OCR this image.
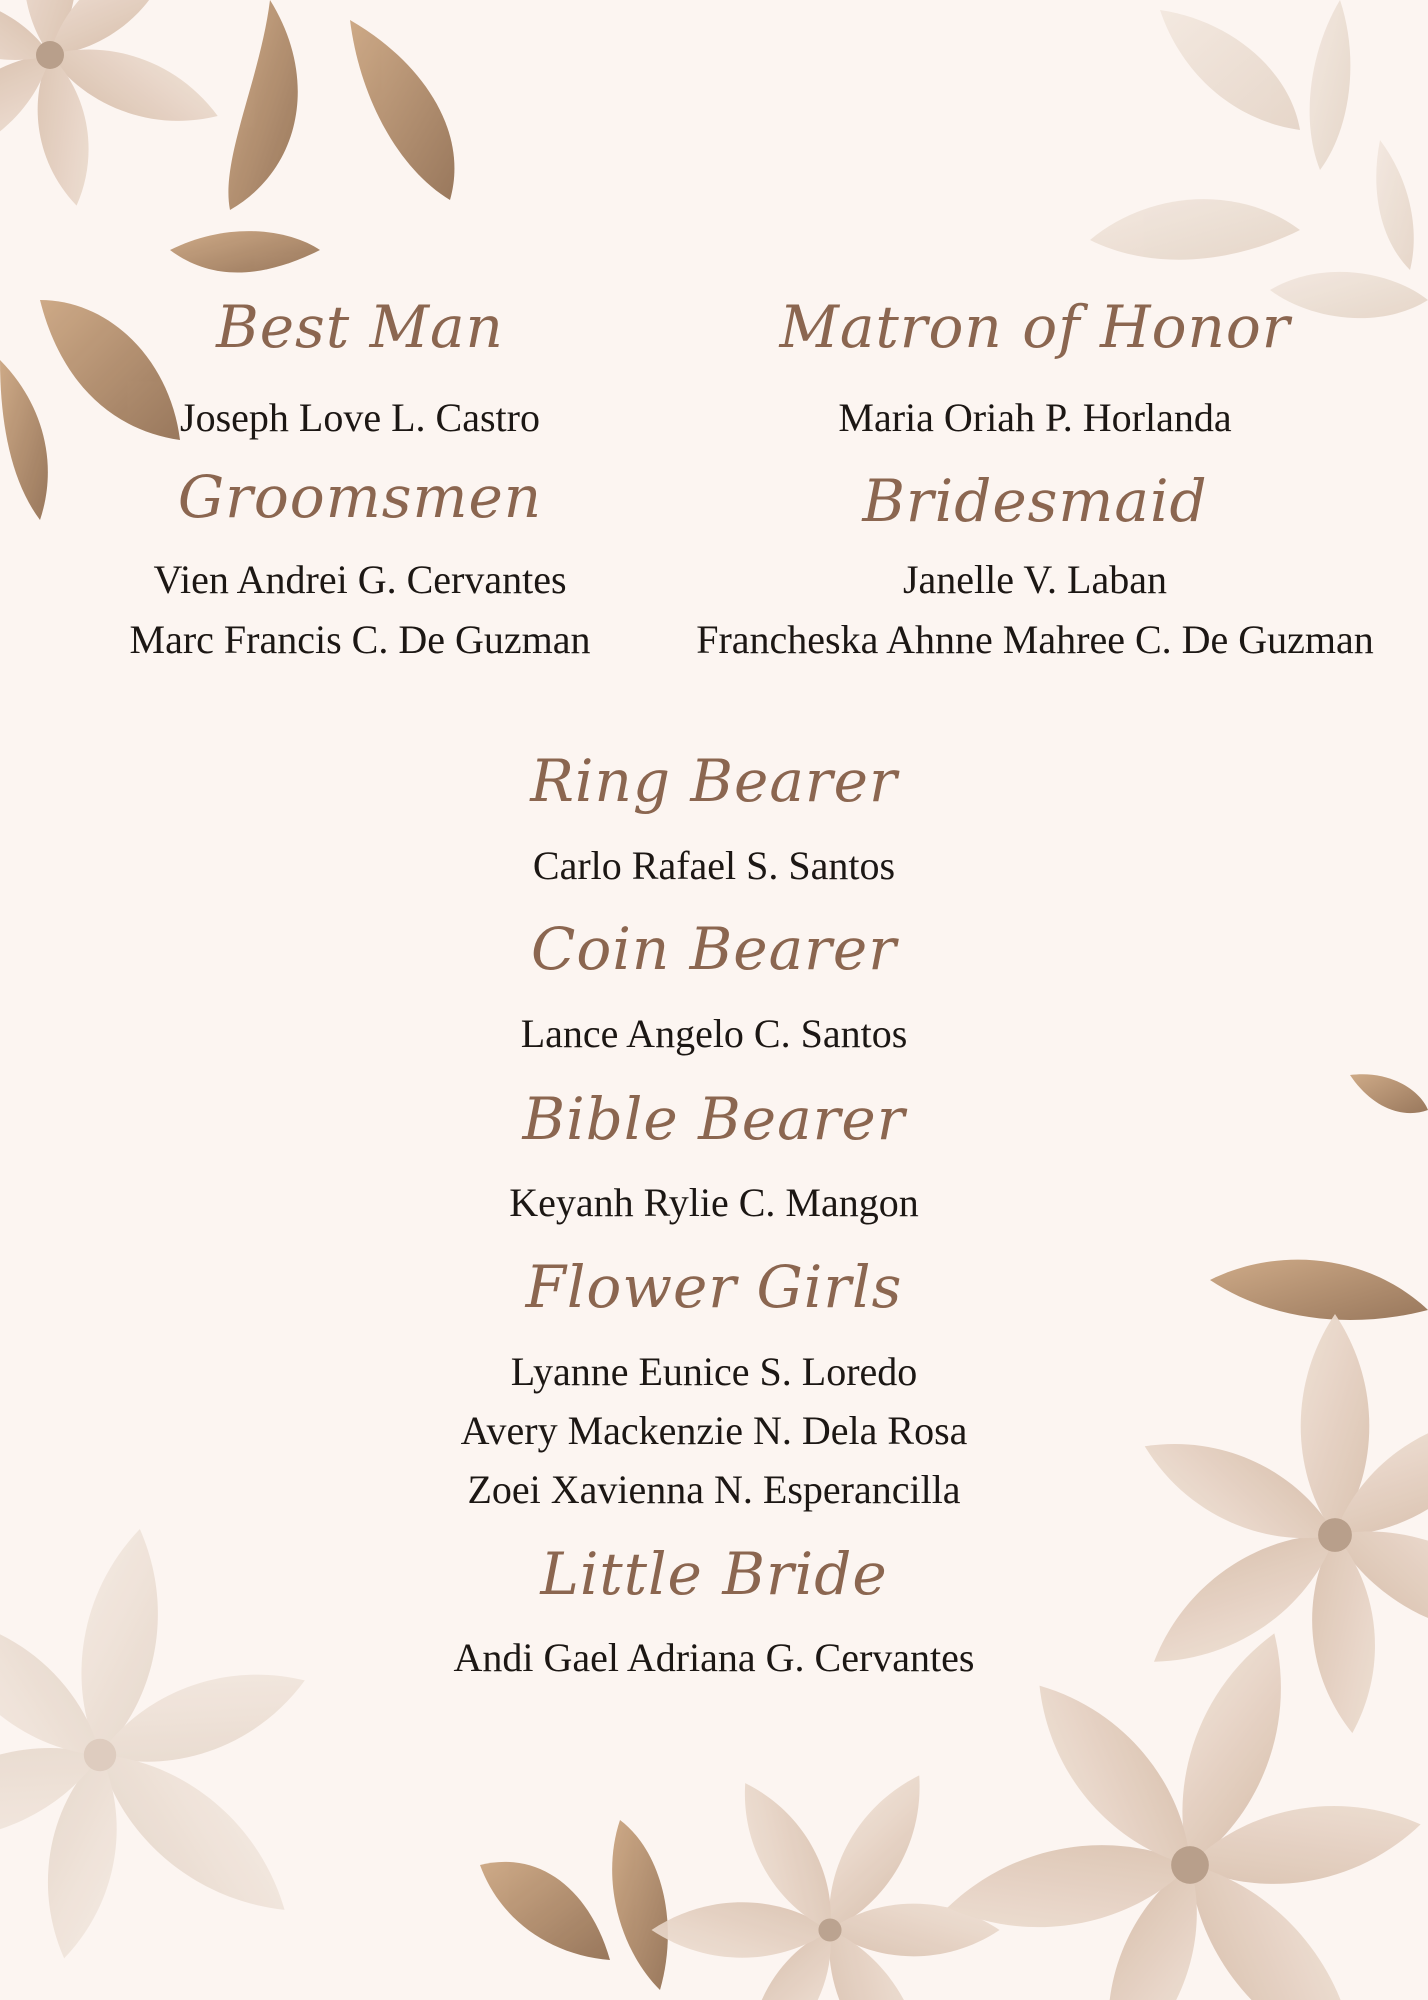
Best Man
Joseph Love L. Castro
Matron of Honor
Maria Oriah P. Horlanda
Groomsmen
Vien Andrei G. Cervantes
Marc Francis C. De Guzman
Bridesmaid
Janelle V. Laban
Francheska Ahnne Mahree C. De Guzman
Ring Bearer
Carlo Rafael S. Santos
Coin Bearer
Lance Angelo C. Santos
Bible Bearer
Keyanh Rylie C. Mangon
Flower Girls
Lyanne Eunice S. Loredo
Avery Mackenzie N. Dela Rosa
Zoei Xavienna N. Esperancilla
Little Bride
Andi Gael Adriana G. Cervantes
